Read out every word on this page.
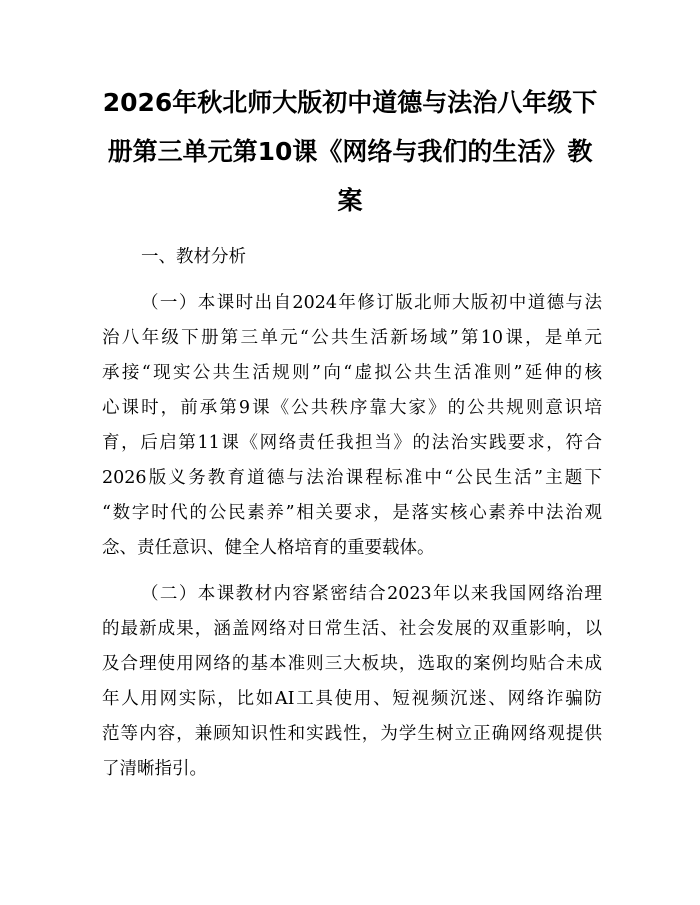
2026年秋北师大版初中道德与法治八年级下
册第三单元第10课《网络与我们的生活》教
案

一、教材分析

（一）本课时出自2024年修订版北师大版初中道德与法

治八年级下册第三单元“公共生活新场域”第10课，是单元

承接“现实公共生活规则”向“虚拟公共生活准则”延伸的核

心课时，前承第9课《公共秩序靠大家》的公共规则意识培

育，后启第11课《网络责任我担当》的法治实践要求，符合

2026版义务教育道德与法治课程标准中“公民生活”主题下

“数字时代的公民素养”相关要求，是落实核心素养中法治观

念、责任意识、健全人格培育的重要载体。

（二）本课教材内容紧密结合2023年以来我国网络治理

的最新成果，涵盖网络对日常生活、社会发展的双重影响，以

及合理使用网络的基本准则三大板块，选取的案例均贴合未成

年人用网实际，比如AI工具使用、短视频沉迷、网络诈骗防

范等内容，兼顾知识性和实践性，为学生树立正确网络观提供

了清晰指引。
